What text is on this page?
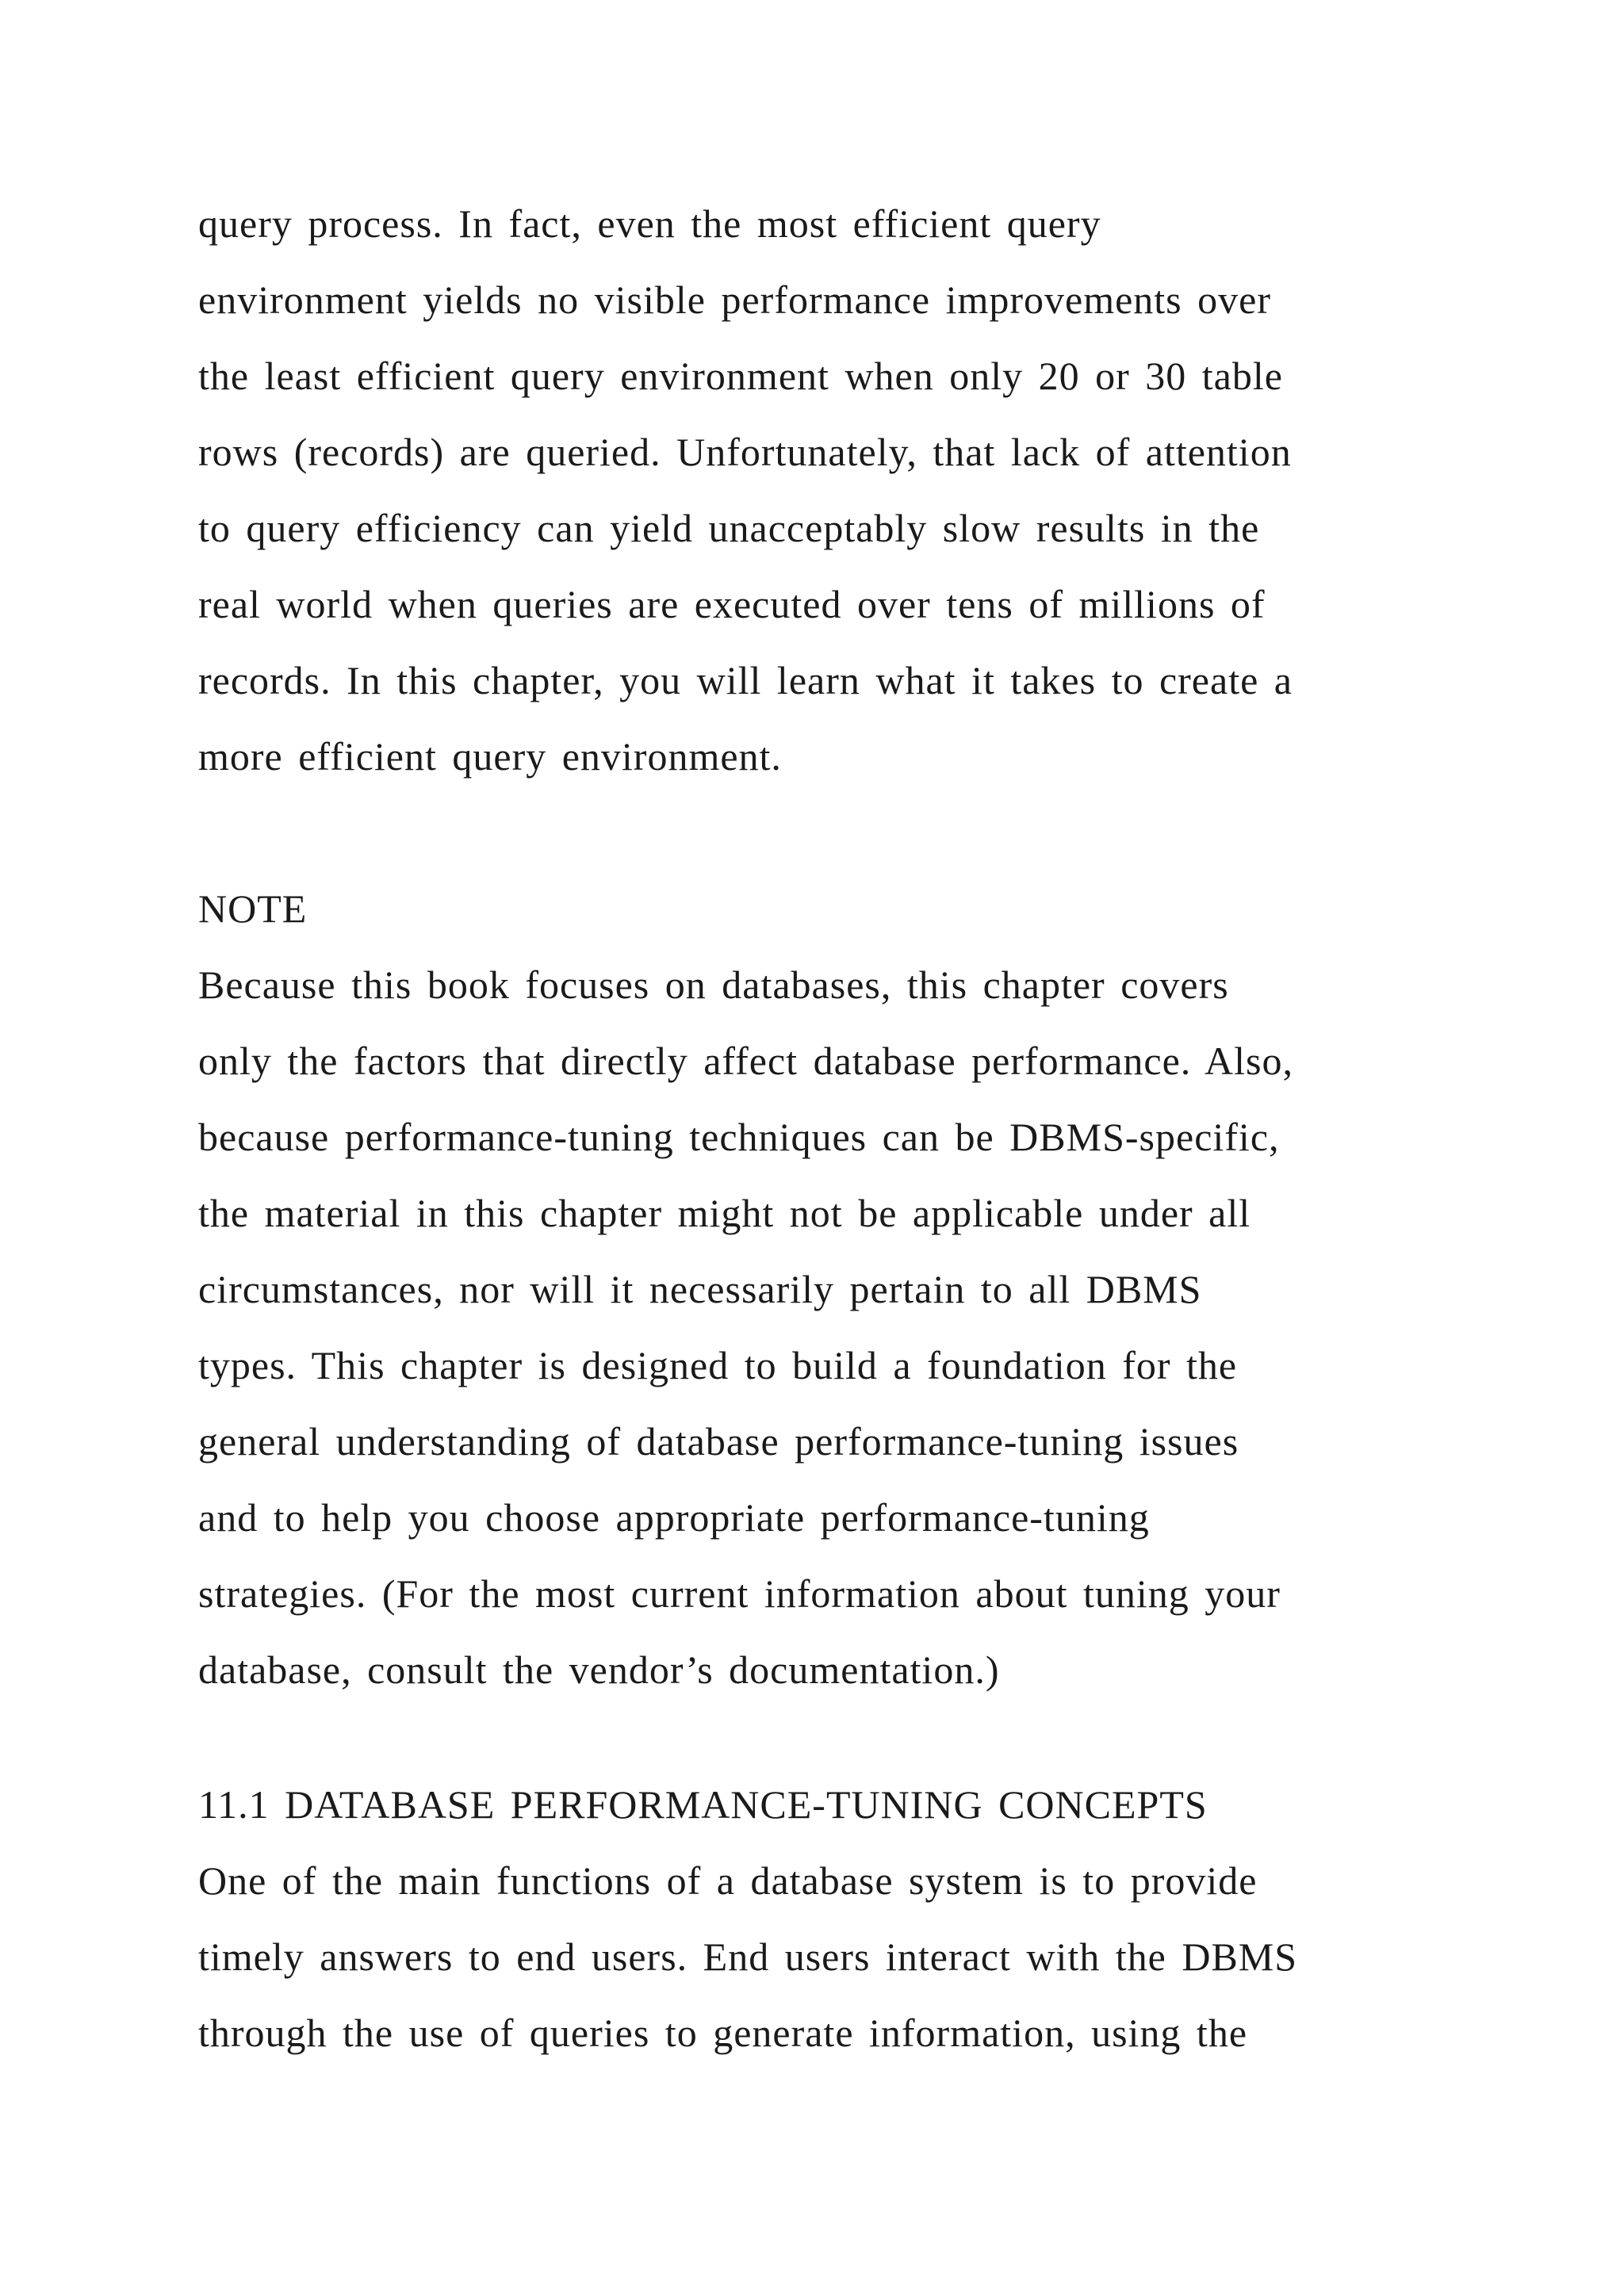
query process. In fact, even the most efficient query
environment yields no visible performance improvements over
the least efficient query environment when only 20 or 30 table
rows (records) are queried. Unfortunately, that lack of attention
to query efficiency can yield unacceptably slow results in the
real world when queries are executed over tens of millions of
records. In this chapter, you will learn what it takes to create a
more efficient query environment.
NOTE
Because this book focuses on databases, this chapter covers
only the factors that directly affect database performance. Also,
because performance-tuning techniques can be DBMS-specific,
the material in this chapter might not be applicable under all
circumstances, nor will it necessarily pertain to all DBMS
types. This chapter is designed to build a foundation for the
general understanding of database performance-tuning issues
and to help you choose appropriate performance-tuning
strategies. (For the most current information about tuning your
database, consult the vendor’s documentation.)
11.1 DATABASE PERFORMANCE-TUNING CONCEPTS
One of the main functions of a database system is to provide
timely answers to end users. End users interact with the DBMS
through the use of queries to generate information, using the
